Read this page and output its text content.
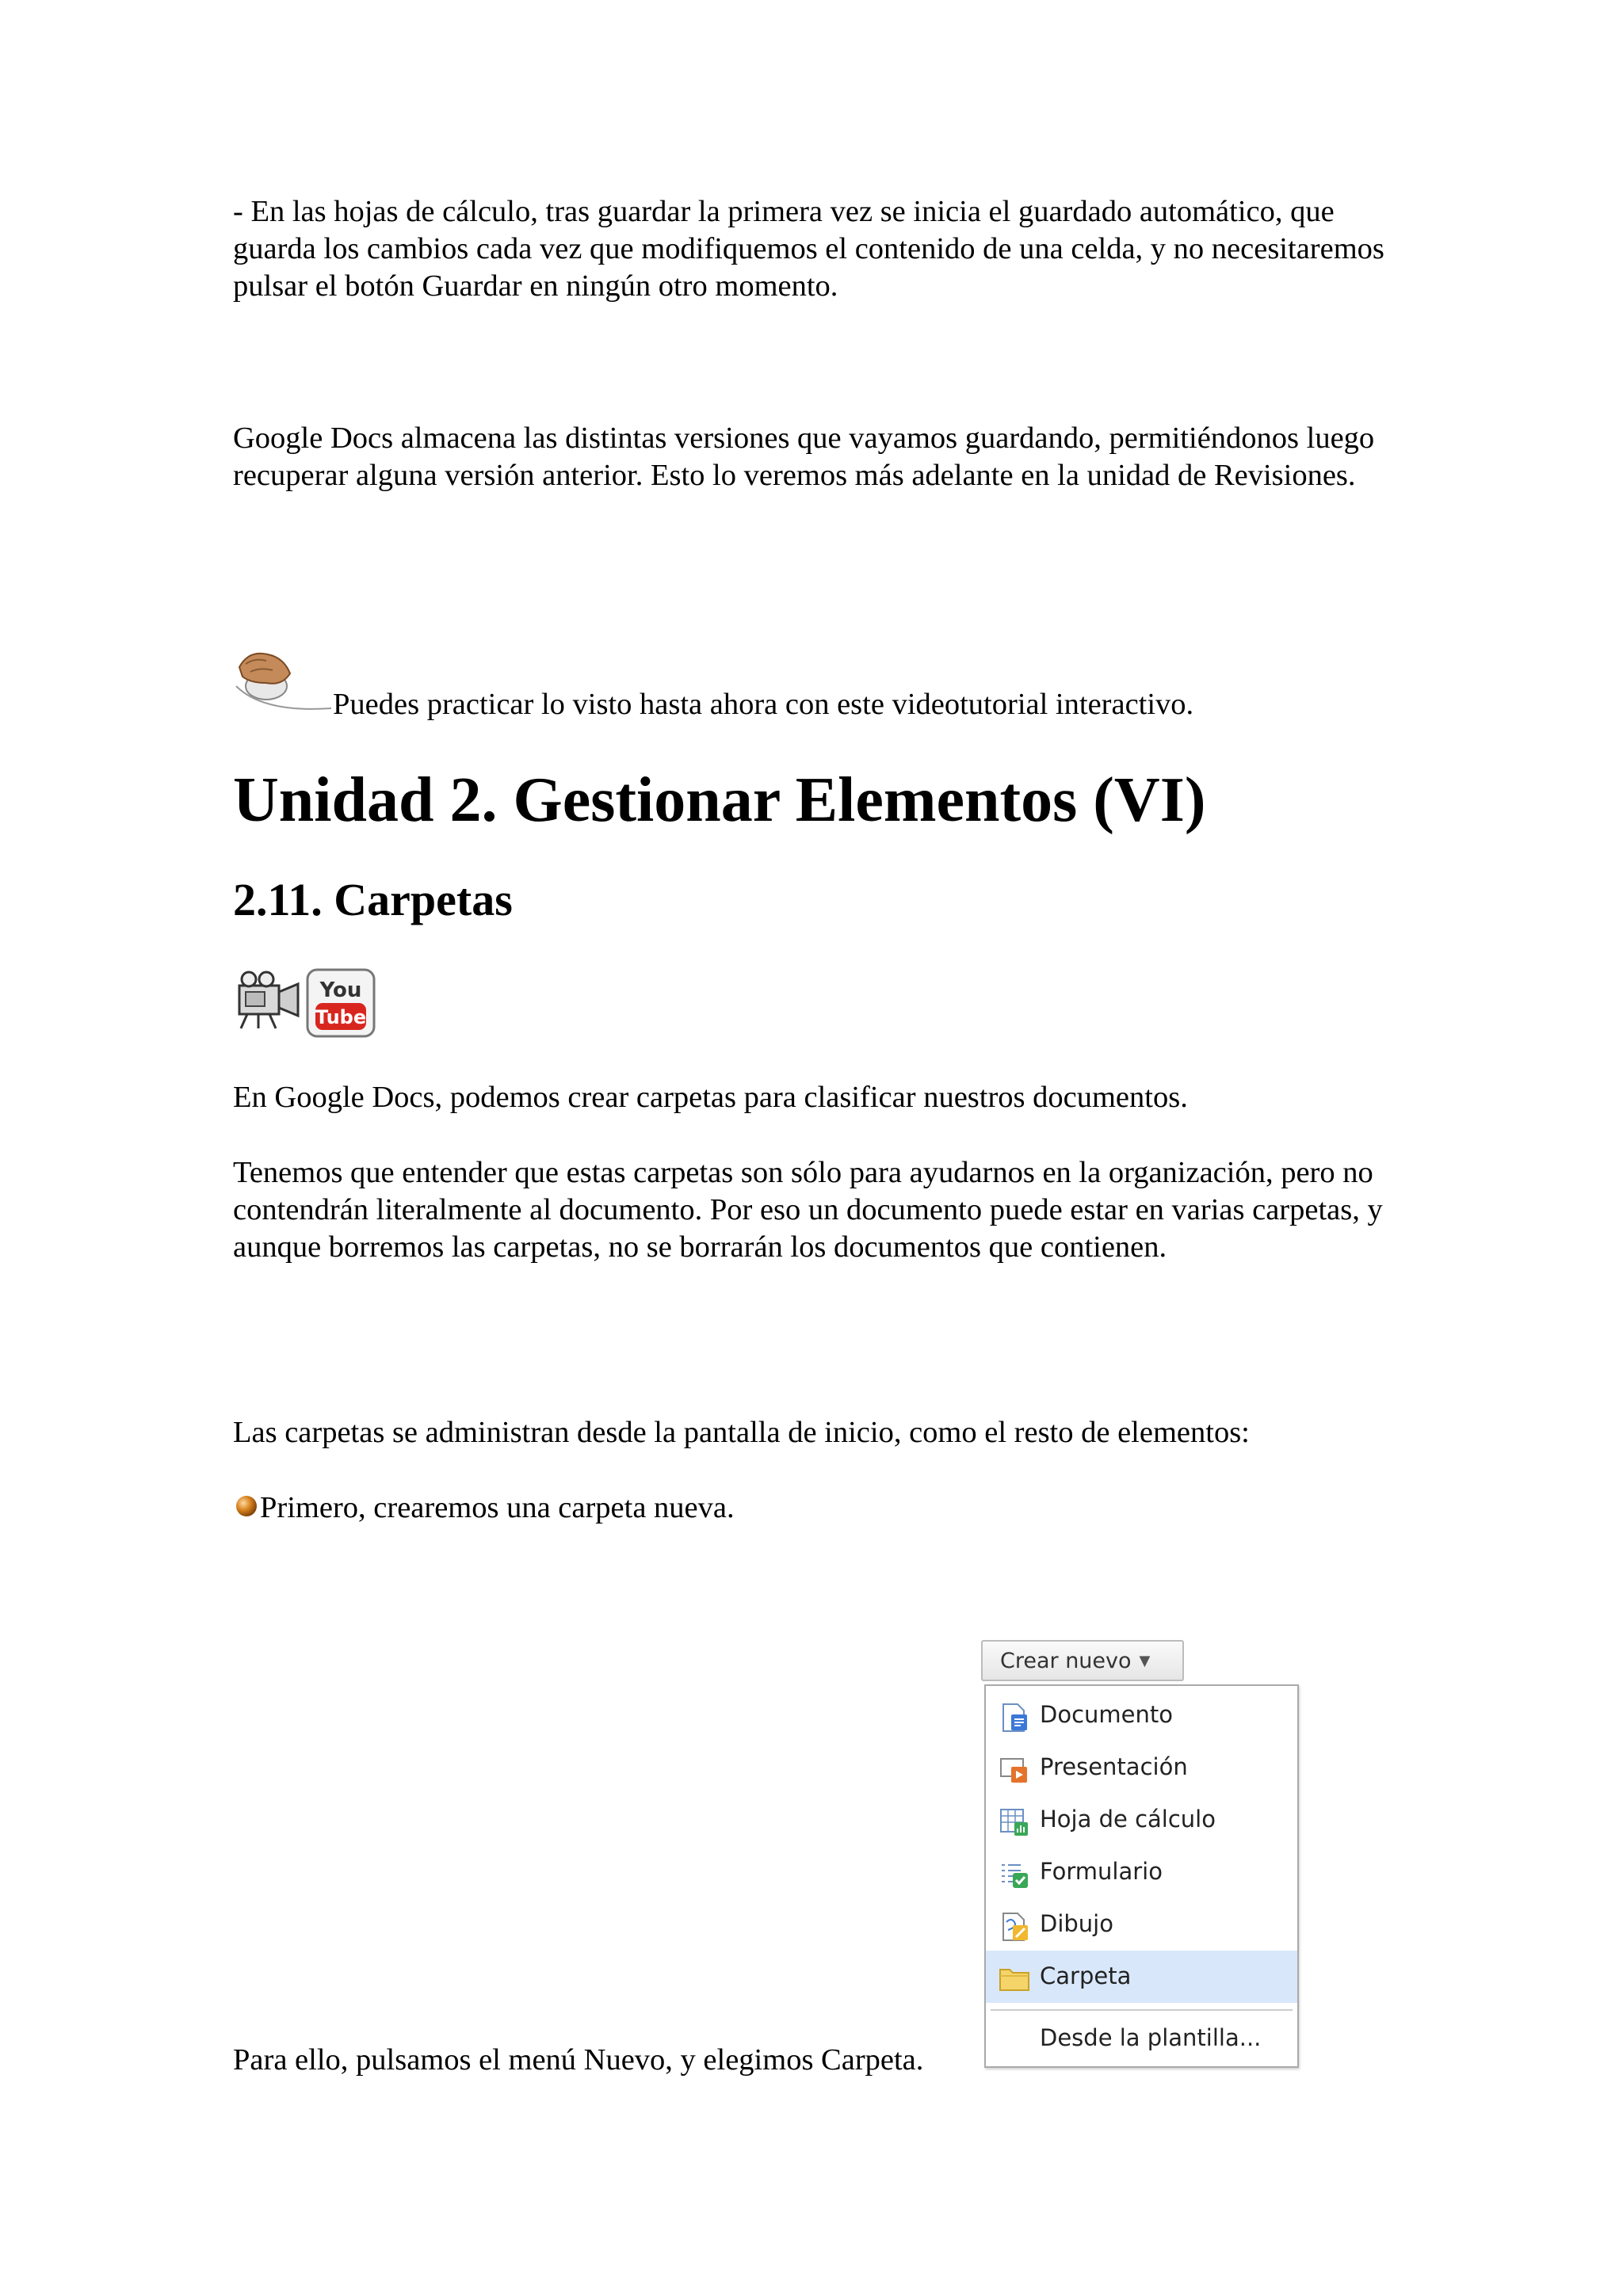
- En las hojas de cálculo, tras guardar la primera vez se inicia el guardado automático, que guarda los cambios cada vez que modifiquemos el contenido de una celda, y no necesitaremos pulsar el botón Guardar en ningún otro momento.

Google Docs almacena las distintas versiones que vayamos guardando, permitiéndonos luego recuperar alguna versión anterior. Esto lo veremos más adelante en la unidad de Revisiones.

Puedes practicar lo visto hasta ahora con este videotutorial interactivo.
Unidad 2. Gestionar Elementos (VI)
2.11. Carpetas
You
Tube

En Google Docs, podemos crear carpetas para clasificar nuestros documentos.

Tenemos que entender que estas carpetas son sólo para ayudarnos en la organización, pero no contendrán literalmente al documento. Por eso un documento puede estar en varias carpetas, y aunque borremos las carpetas, no se borrarán los documentos que contienen.

Las carpetas se administran desde la pantalla de inicio, como el resto de elementos:

Primero, crearemos una carpeta nueva.
Para ello, pulsamos el menú Nuevo, y elegimos Carpeta.
Crear nuevo ▼
Documento
Presentación
Hoja de cálculo
Formulario
Dibujo
Carpeta
Desde la plantilla...
